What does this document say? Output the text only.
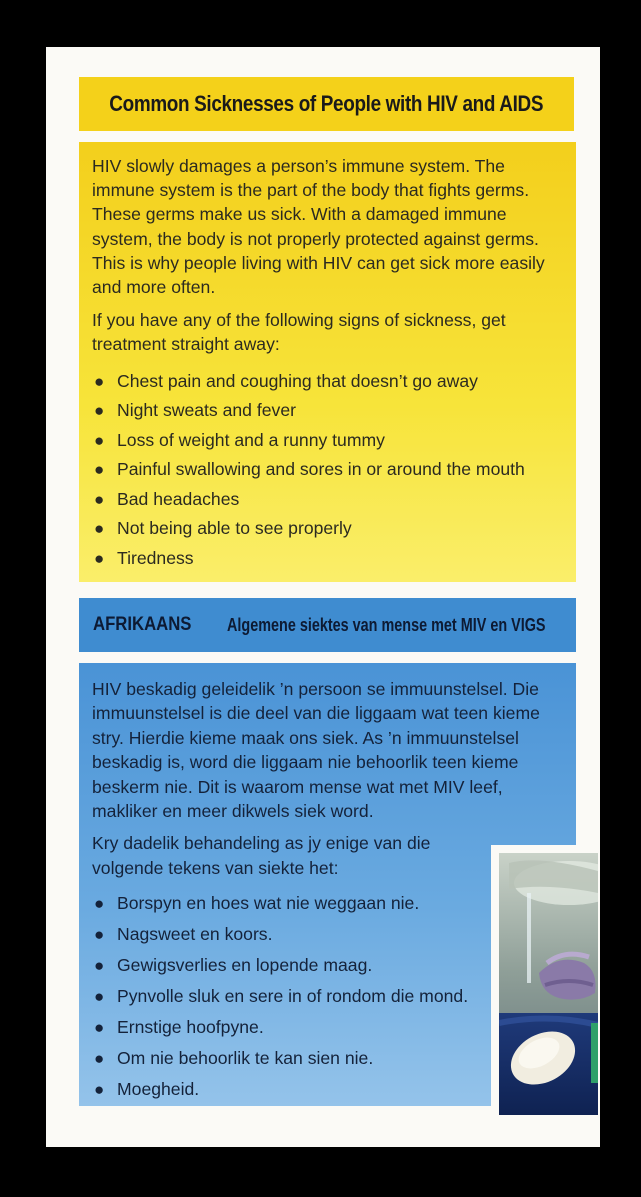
Common Sicknesses of People with HIV and AIDS

HIV slowly damages a person’s immune system. The immune system is the part of the body that fights germs. These germs make us sick. With a damaged immune system, the body is not properly protected against germs. This is why people living with HIV can get sick more easily and more often.

If you have any of the following signs of sickness, get treatment straight away:

● Chest pain and coughing that doesn’t go away
● Night sweats and fever
● Loss of weight and a runny tummy
● Painful swallowing and sores in or around the mouth
● Bad headaches
● Not being able to see properly
● Tiredness
AFRIKAANS Algemene siektes van mense met MIV en VIGS

HIV beskadig geleidelik ’n persoon se immuunstelsel. Die immuunstelsel is die deel van die liggaam wat teen kieme stry. Hierdie kieme maak ons siek. As ’n immuunstelsel beskadig is, word die liggaam nie behoorlik teen kieme beskerm nie. Dit is waarom mense wat met MIV leef, makliker en meer dikwels siek word.

Kry dadelik behandeling as jy enige van die volgende tekens van siekte het:

● Borspyn en hoes wat nie weggaan nie.
● Nagsweet en koors.
● Gewigsverlies en lopende maag.
● Pynvolle sluk en sere in of rondom die mond.
● Ernstige hoofpyne.
● Om nie behoorlik te kan sien nie.
● Moegheid.
